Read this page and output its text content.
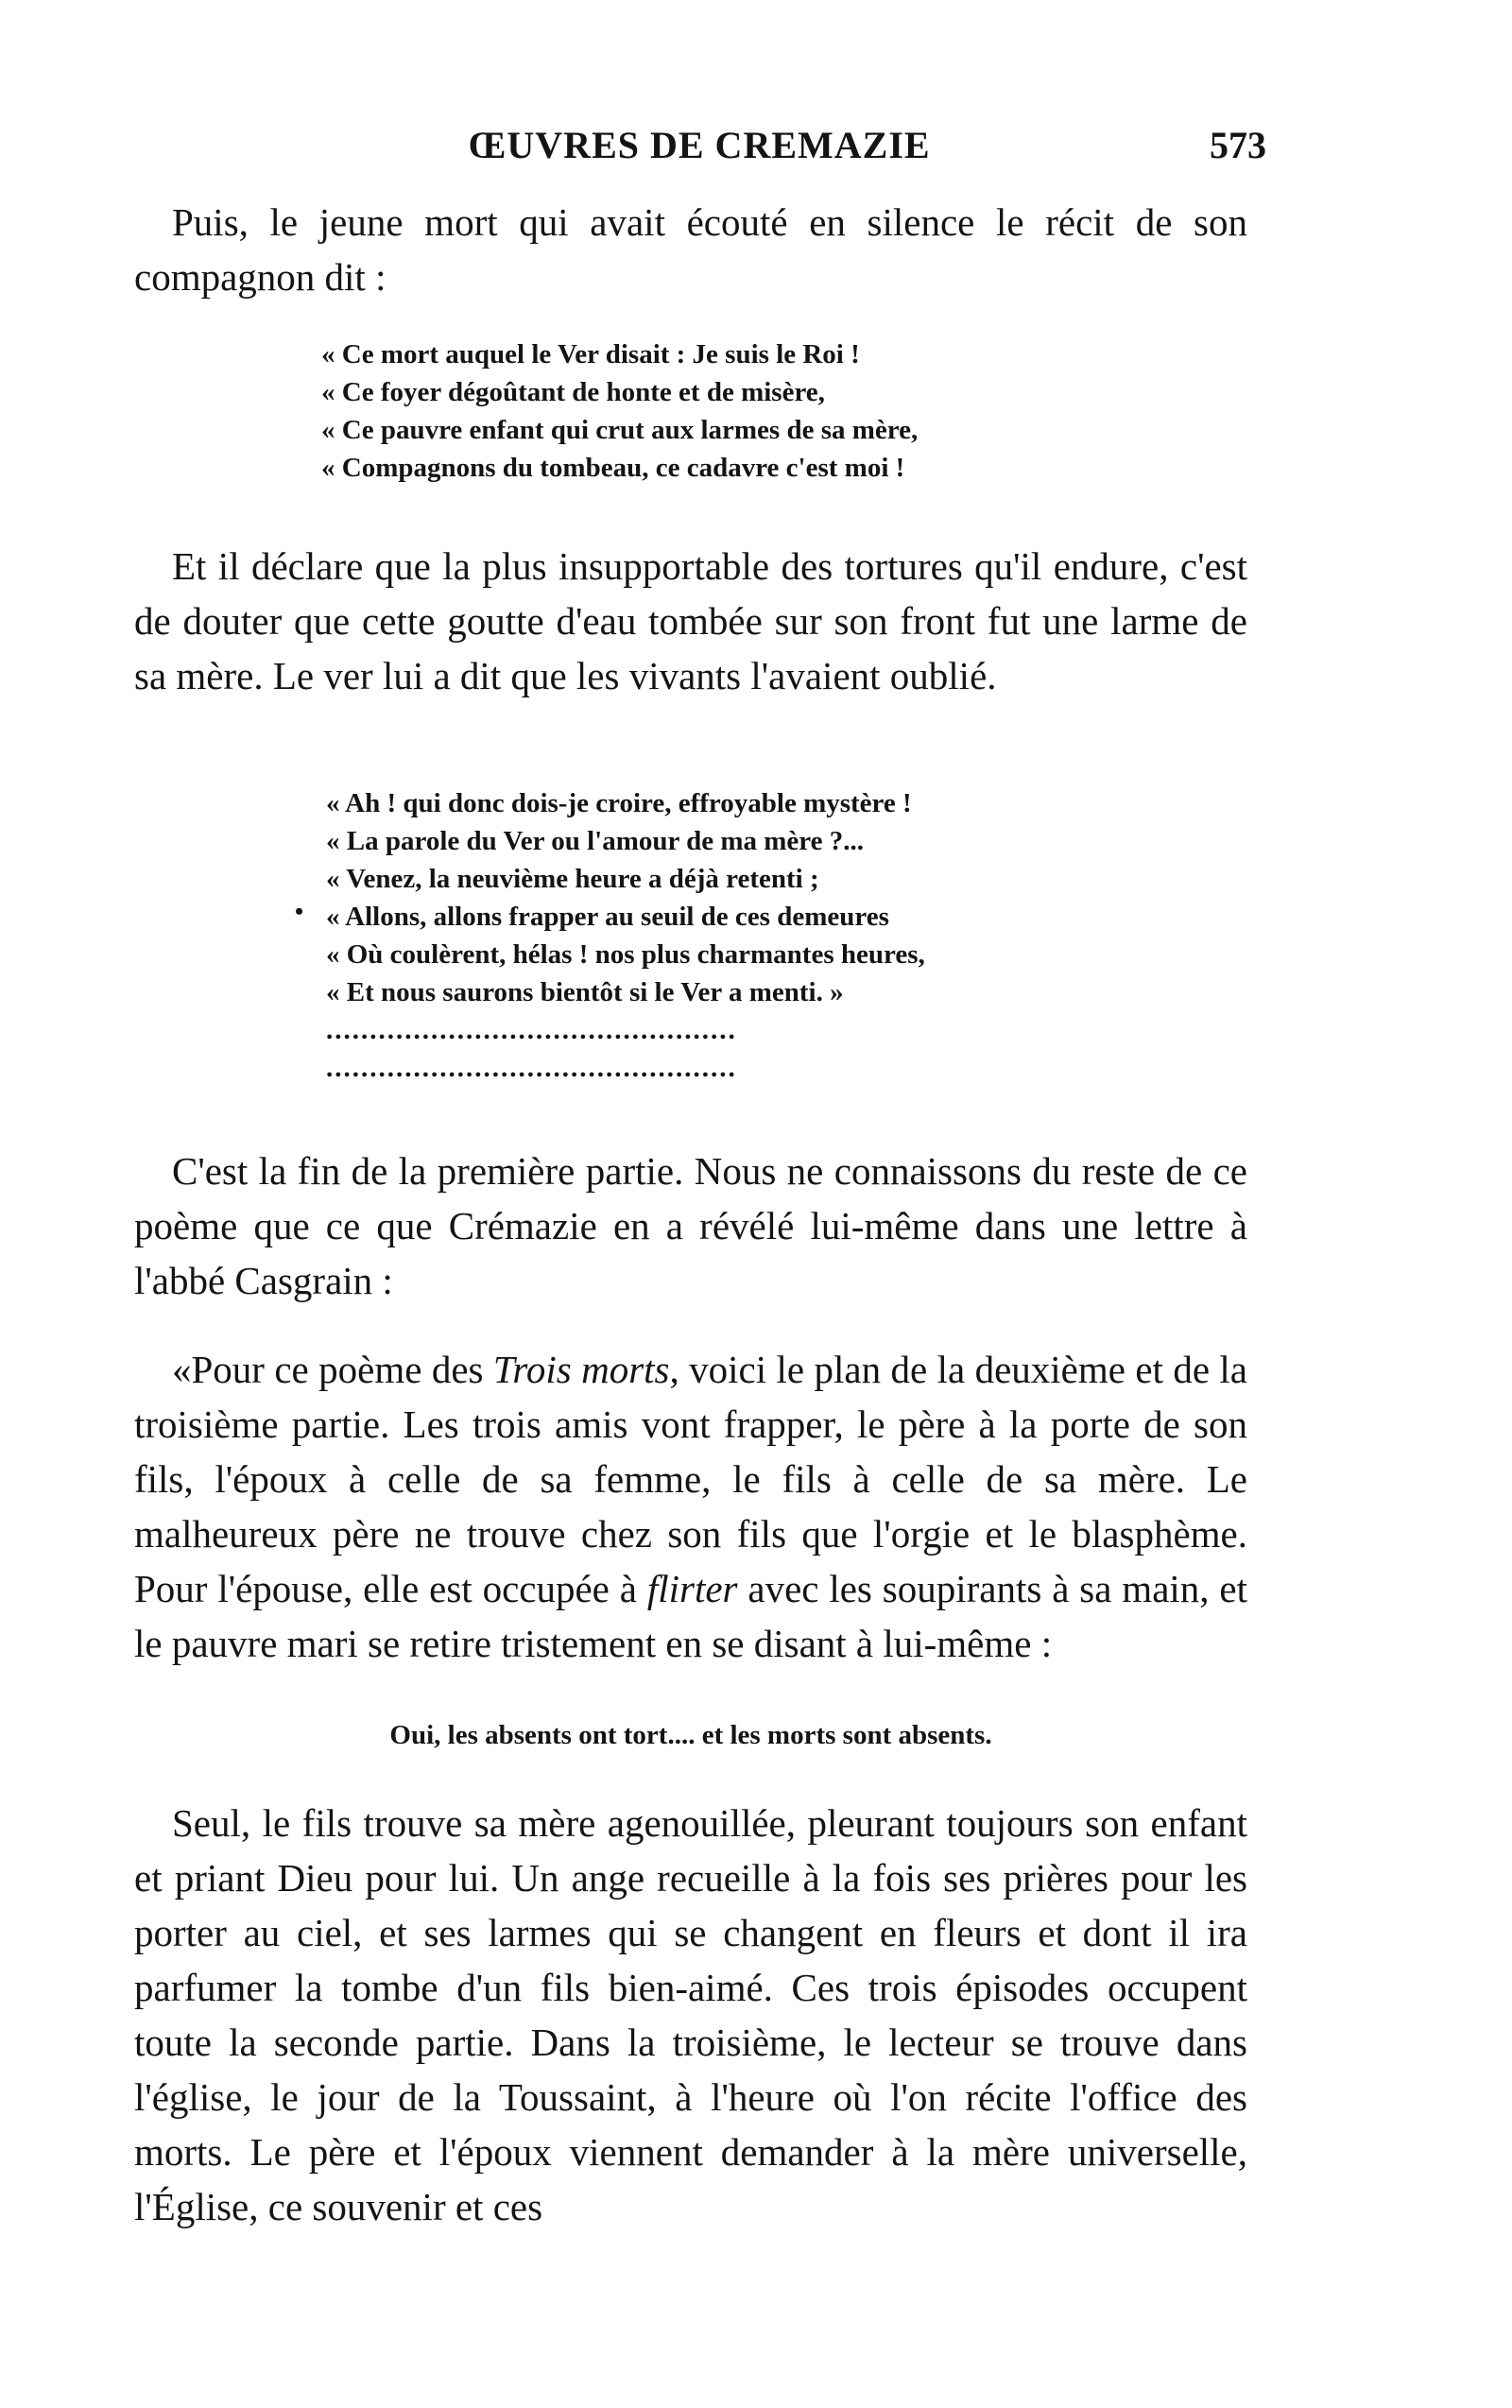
ŒUVRES DE CREMAZIE	573

Puis, le jeune mort qui avait écouté en silence le récit de son compagnon dit :

« Ce mort auquel le Ver disait : Je suis le Roi !
« Ce foyer dégoûtant de honte et de misère,
« Ce pauvre enfant qui crut aux larmes de sa mère,
« Compagnons du tombeau, ce cadavre c'est moi !

Et il déclare que la plus insupportable des tortures qu'il endure, c'est de douter que cette goutte d'eau tombée sur son front fut une larme de sa mère. Le ver lui a dit que les vivants l'avaient oublié.

« Ah ! qui donc dois-je croire, effroyable mystère !
« La parole du Ver ou l'amour de ma mère ?...
« Venez, la neuvième heure a déjà retenti ;
« Allons, allons frapper au seuil de ces demeures
« Où coulèrent, hélas ! nos plus charmantes heures,
« Et nous saurons bientôt si le Ver a menti. »
...............................................
...............................................
•

C'est la fin de la première partie. Nous ne connaissons du reste de ce poème que ce que Crémazie en a révélé lui-même dans une lettre à l'abbé Casgrain :

«Pour ce poème des Trois morts, voici le plan de la deuxième et de la troisième partie. Les trois amis vont frapper, le père à la porte de son fils, l'époux à celle de sa femme, le fils à celle de sa mère. Le malheureux père ne trouve chez son fils que l'orgie et le blasphème. Pour l'épouse, elle est occupée à flirter avec les soupirants à sa main, et le pauvre mari se retire tristement en se disant à lui-même :

Oui, les absents ont tort.... et les morts sont absents.

Seul, le fils trouve sa mère agenouillée, pleurant toujours son enfant et priant Dieu pour lui. Un ange recueille à la fois ses prières pour les porter au ciel, et ses larmes qui se changent en fleurs et dont il ira parfumer la tombe d'un fils bien-aimé. Ces trois épisodes occupent toute la seconde partie. Dans la troisième, le lecteur se trouve dans l'église, le jour de la Toussaint, à l'heure où l'on récite l'office des morts. Le père et l'époux viennent demander à la mère universelle, l'Église, ce souvenir et ces
